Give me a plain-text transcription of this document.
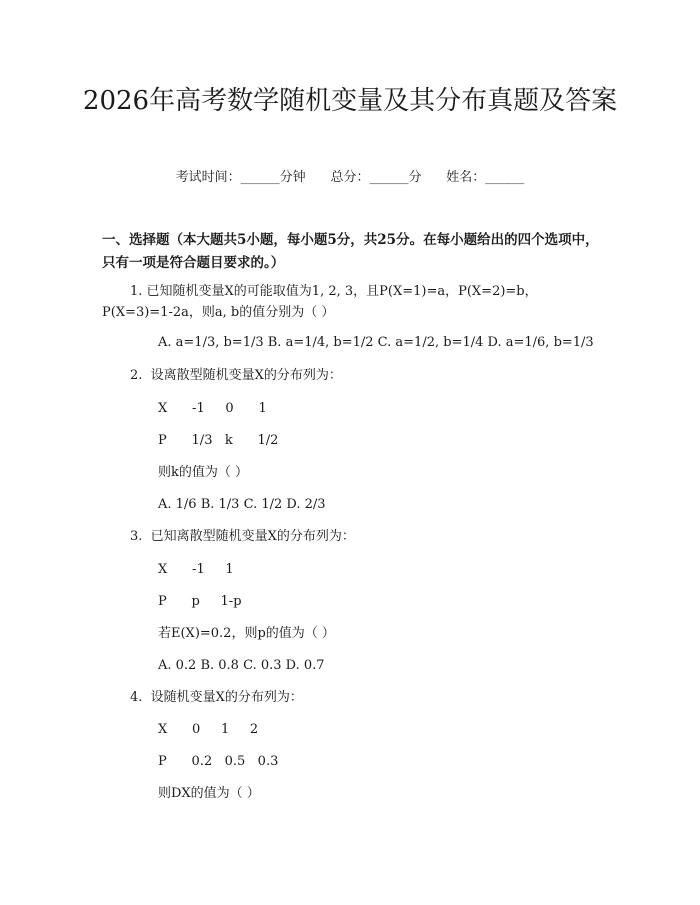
2026年高考数学随机变量及其分布真题及答案
考试时间：______分钟 总分：______分 姓名：______
一、选择题（本大题共5小题，每小题5分，共25分。在每小题给出的四个选项中，只有一项是符合题目要求的。）
1. 已知随机变量X的可能取值为1, 2, 3，且P(X=1)=a，P(X=2)=b，P(X=3)=1-2a，则a, b的值分别为（ ）
A. a=1/3, b=1/3 B. a=1/4, b=1/2 C. a=1/2, b=1/4 D. a=1/6, b=1/3
2. 设离散型随机变量X的分布列为：
X      -1     0      1
P      1/3   k      1/2
则k的值为（ ）
A. 1/6 B. 1/3 C. 1/2 D. 2/3
3. 已知离散型随机变量X的分布列为：
X      -1     1
P      p     1-p
若E(X)=0.2，则p的值为（ ）
A. 0.2 B. 0.8 C. 0.3 D. 0.7
4. 设随机变量X的分布列为：
X      0     1     2
P      0.2   0.5   0.3
则DX的值为（ ）
